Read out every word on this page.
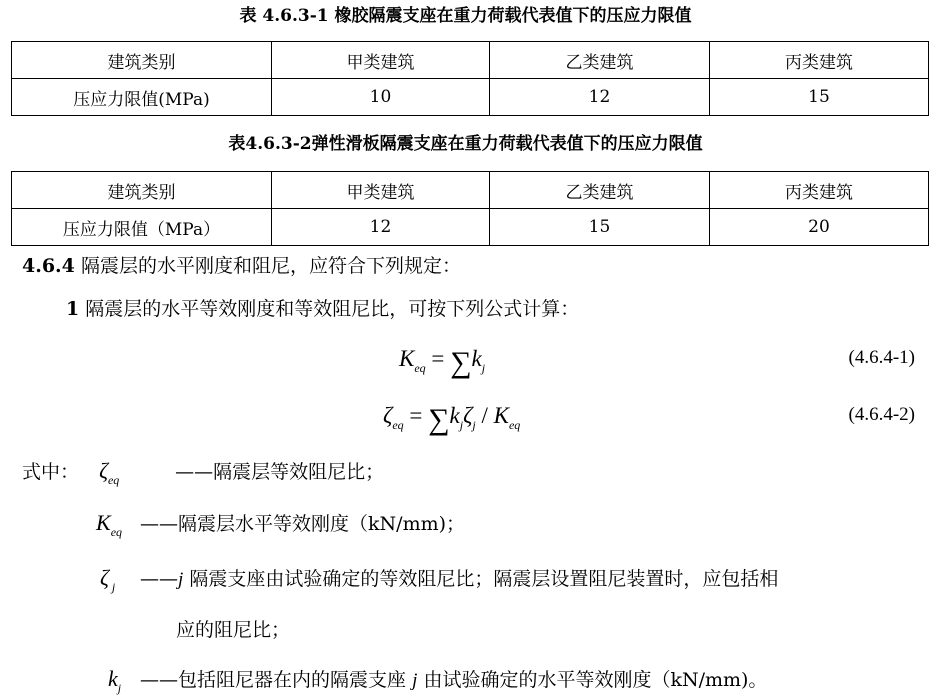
表 4.6.3-1 橡胶隔震支座在重力荷载代表值下的压应力限值
建筑类别	甲类建筑	乙类建筑	丙类建筑
压应力限值(MPa)	10	12	15
表4.6.3-2弹性滑板隔震支座在重力荷载代表值下的压应力限值
建筑类别	甲类建筑	乙类建筑	丙类建筑
压应力限值（MPa）	12	15	20
4.6.4 隔震层的水平刚度和阻尼，应符合下列规定：
1 隔震层的水平等效刚度和等效阻尼比，可按下列公式计算：
$K_{eq} = \sum k_j$	(4.6.4-1)
$\zeta_{eq} = \sum k_j\zeta_j / K_{eq}$	(4.6.4-2)
式中： $\zeta_{eq}$	——隔震层等效阻尼比；
$K_{eq}$ ——隔震层水平等效刚度（kN/mm)；
ζ $_j$ ——j 隔震支座由试验确定的等效阻尼比；隔震层设置阻尼装置时，应包括相
应的阻尼比；
$k_j$ ——包括阻尼器在内的隔震支座 j 由试验确定的水平等效刚度（kN/mm)。
